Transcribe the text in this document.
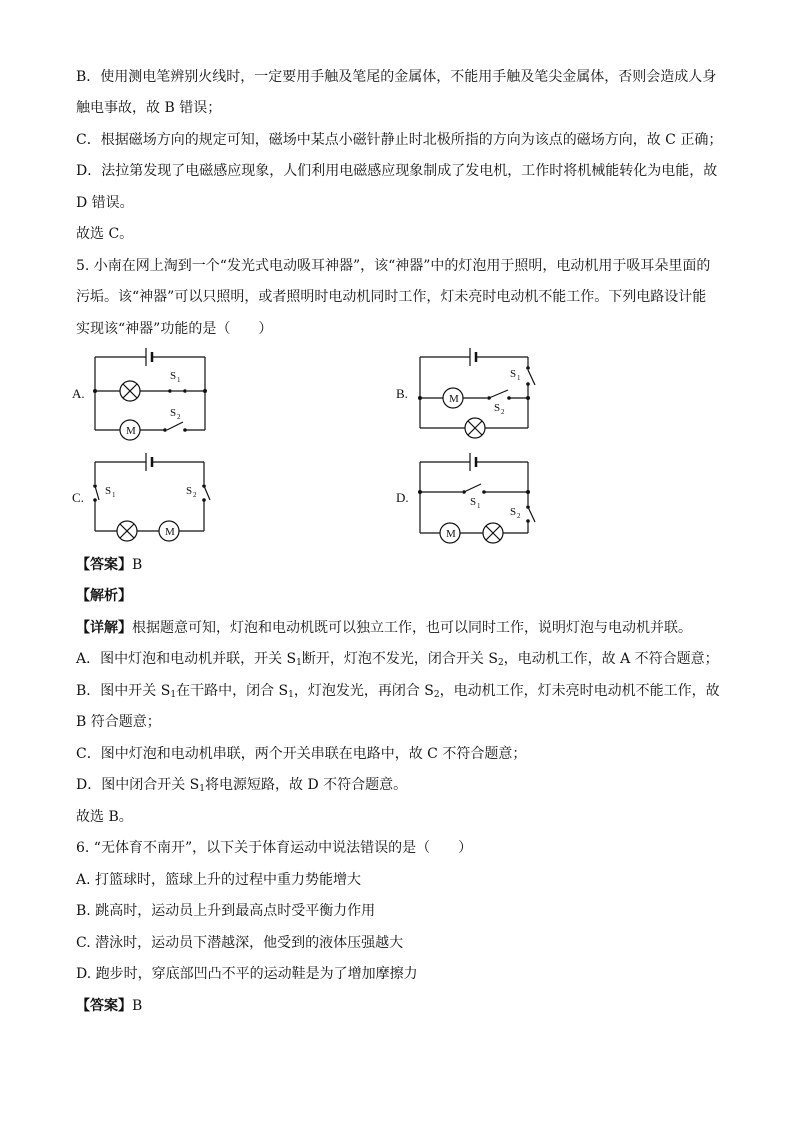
B．使用测电笔辨别火线时，一定要用手触及笔尾的金属体，不能用手触及笔尖金属体，否则会造成人身
触电事故，故 B 错误；
C．根据磁场方向的规定可知，磁场中某点小磁针静止时北极所指的方向为该点的磁场方向，故 C 正确；
D．法拉第发现了电磁感应现象，人们利用电磁感应现象制成了发电机，工作时将机械能转化为电能，故
D 错误。
故选 C。
5. 小南在网上淘到一个“发光式电动吸耳神器”，该“神器”中的灯泡用于照明，电动机用于吸耳朵里面的
污垢。该“神器”可以只照明，或者照明时电动机同时工作，灯未亮时电动机不能工作。下列电路设计能
实现该“神器”功能的是（　　）
A.	B.
C.	D.
M
S 1
S 2
M
S 1
S 2
M
S 1	S 2
M
S 1	S 2
【答案】B
【解析】
【详解】根据题意可知，灯泡和电动机既可以独立工作，也可以同时工作，说明灯泡与电动机并联。
A．图中灯泡和电动机并联，开关 $S_1$断开，灯泡不发光，闭合开关 $S_2$，电动机工作，故 A 不符合题意；
B．图中开关 $S_1$在干路中，闭合 $S_1$，灯泡发光，再闭合 $S_2$，电动机工作，灯未亮时电动机不能工作，故
B 符合题意；
C．图中灯泡和电动机串联，两个开关串联在电路中，故 C 不符合题意；
D．图中闭合开关 $S_1$将电源短路，故 D 不符合题意。
故选 B。
6. “无体育不南开”，以下关于体育运动中说法错误的是（　　）
A. 打篮球时，篮球上升的过程中重力势能增大
B. 跳高时，运动员上升到最高点时受平衡力作用
C. 潜泳时，运动员下潜越深，他受到的液体压强越大
D. 跑步时，穿底部凹凸不平的运动鞋是为了增加摩擦力
【答案】B
